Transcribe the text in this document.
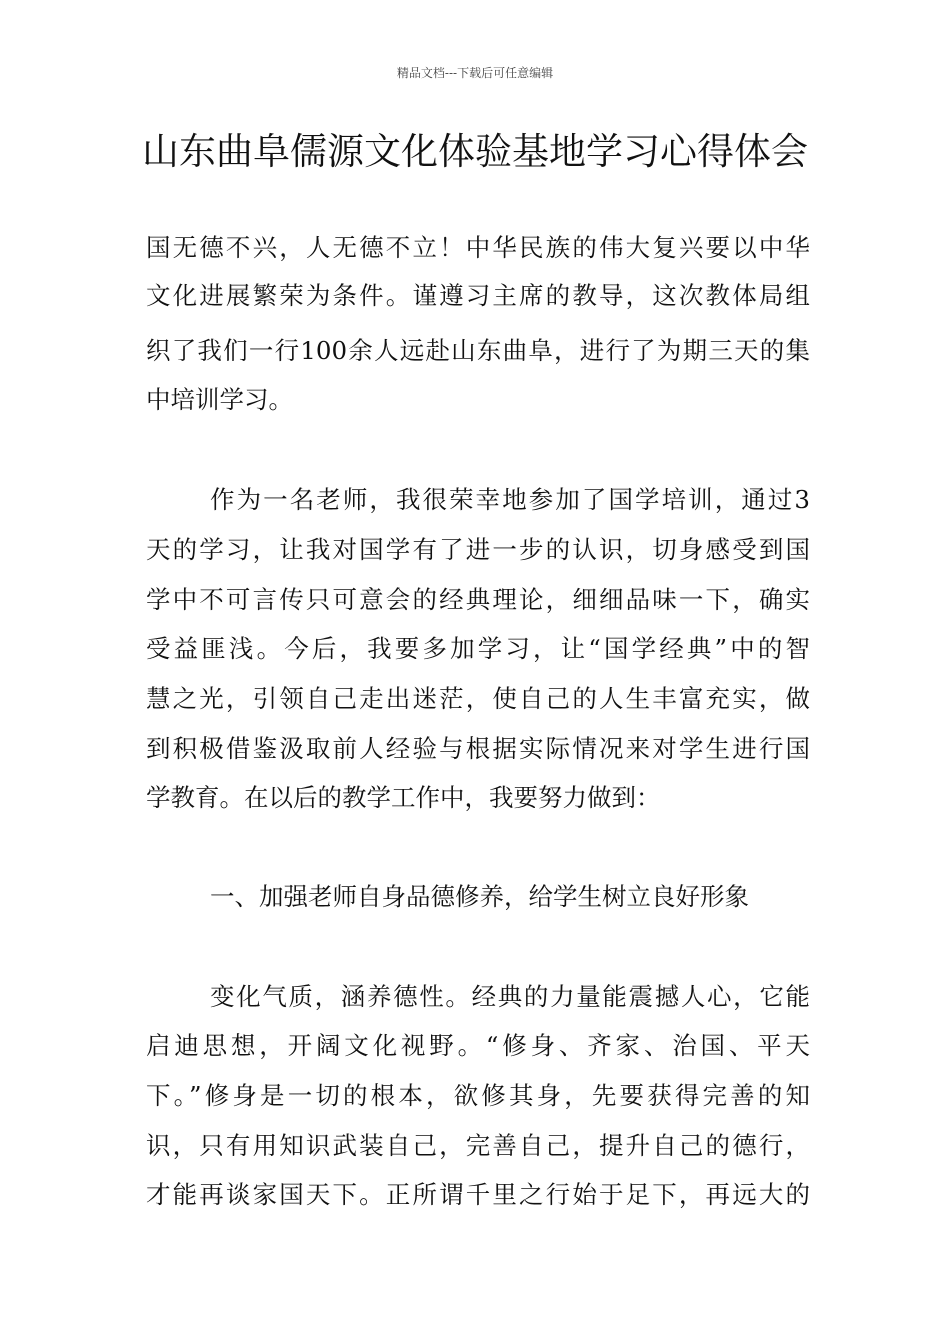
精品文档---下载后可任意编辑
山东曲阜儒源文化体验基地学习心得体会
国无德不兴，人无德不立！中华民族的伟大复兴要以中华
文化进展繁荣为条件。谨遵习主席的教导，这次教体局组
织了我们一行100余人远赴山东曲阜，进行了为期三天的集
中培训学习。
作为一名老师，我很荣幸地参加了国学培训，通过3
天的学习，让我对国学有了进一步的认识，切身感受到国
学中不可言传只可意会的经典理论，细细品味一下，确实
受益匪浅。今后，我要多加学习，让“国学经典”中的智
慧之光，引领自己走出迷茫，使自己的人生丰富充实，做
到积极借鉴汲取前人经验与根据实际情况来对学生进行国
学教育。在以后的教学工作中，我要努力做到：
一、加强老师自身品德修养，给学生树立良好形象
变化气质，涵养德性。经典的力量能震撼人心，它能
启迪思想，开阔文化视野。“修身、齐家、治国、平天
下。”修身是一切的根本，欲修其身，先要获得完善的知
识，只有用知识武装自己，完善自己，提升自己的德行，
才能再谈家国天下。正所谓千里之行始于足下，再远大的
